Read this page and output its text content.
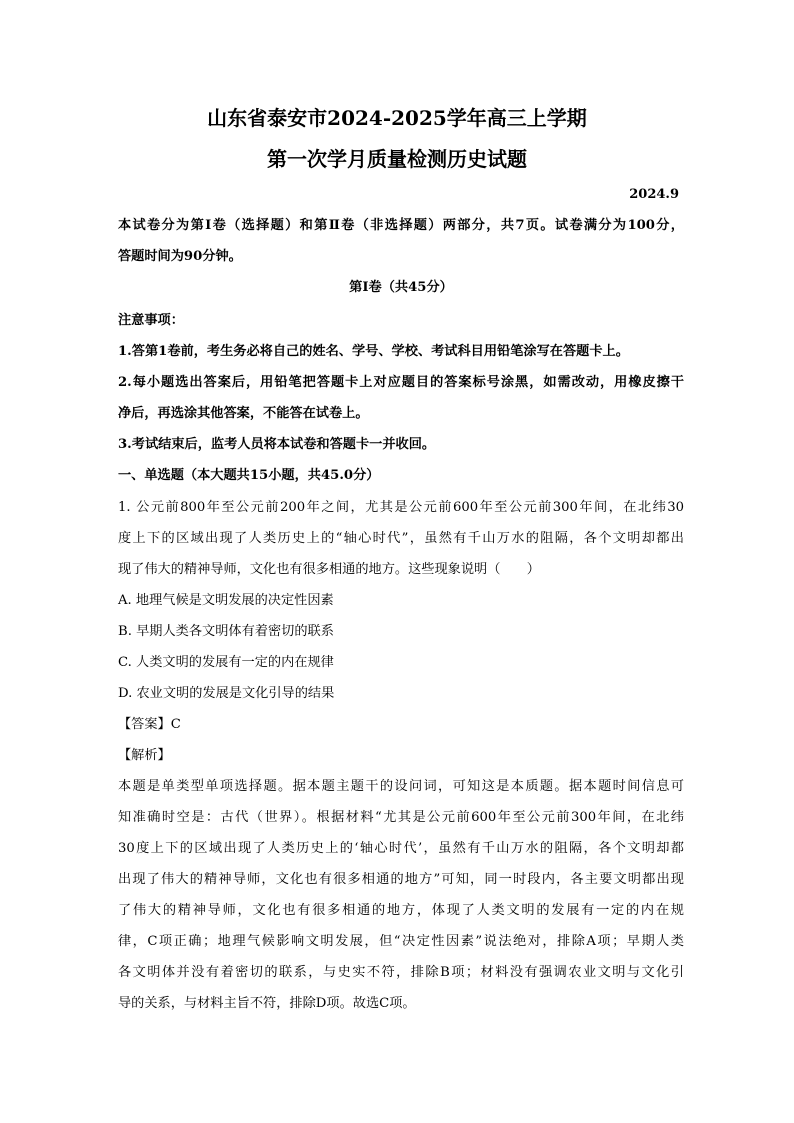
山东省泰安市2024-2025学年高三上学期
第一次学月质量检测历史试题
2024.9
本试卷分为第Ⅰ卷（选择题）和第Ⅱ卷（非选择题）两部分，共7页。试卷满分为100分，
答题时间为90分钟。
第Ⅰ卷（共45分）
注意事项：
1.答第1卷前，考生务必将自己的姓名、学号、学校、考试科目用铅笔涂写在答题卡上。
2.每小题选出答案后，用铅笔把答题卡上对应题目的答案标号涂黑，如需改动，用橡皮擦干
净后，再选涂其他答案，不能答在试卷上。
3.考试结束后，监考人员将本试卷和答题卡一并收回。
一、单选题（本大题共15小题，共45.0分）
1. 公元前800年至公元前200年之间，尤其是公元前600年至公元前300年间，在北纬30
度上下的区域出现了人类历史上的“轴心时代”，虽然有千山万水的阻隔，各个文明却都出
现了伟大的精神导师，文化也有很多相通的地方。这些现象说明（　　）
A. 地理气候是文明发展的决定性因素
B. 早期人类各文明体有着密切的联系
C. 人类文明的发展有一定的内在规律
D. 农业文明的发展是文化引导的结果
【答案】C
【解析】
本题是单类型单项选择题。据本题主题干的设问词，可知这是本质题。据本题时间信息可
知准确时空是：古代（世界）。根据材料“尤其是公元前600年至公元前300年间，在北纬
30度上下的区域出现了人类历史上的‘轴心时代’，虽然有千山万水的阻隔，各个文明却都
出现了伟大的精神导师，文化也有很多相通的地方”可知，同一时段内，各主要文明都出现
了伟大的精神导师，文化也有很多相通的地方，体现了人类文明的发展有一定的内在规
律，C项正确；地理气候影响文明发展，但“决定性因素”说法绝对，排除A项；早期人类
各文明体并没有着密切的联系，与史实不符，排除B项；材料没有强调农业文明与文化引
导的关系，与材料主旨不符，排除D项。故选C项。
